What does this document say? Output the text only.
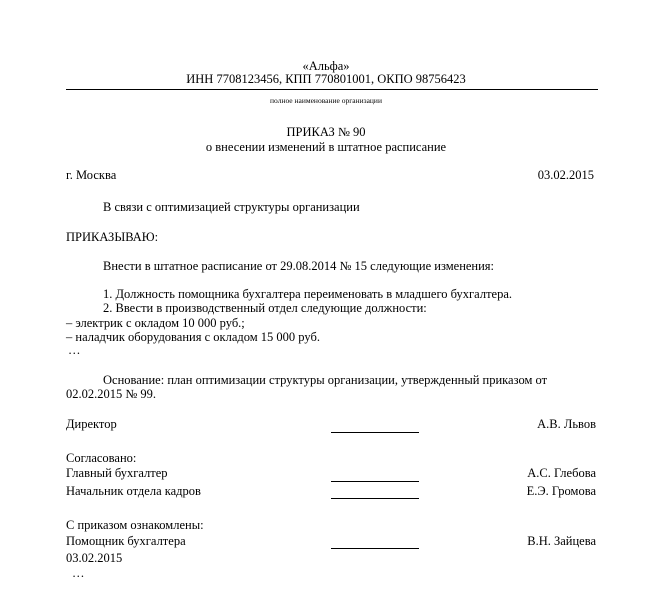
«Альфа»
ИНН 7708123456, КПП 770801001, ОКПО 98756423
полное наименование организации
ПРИКАЗ № 90
о внесении изменений в штатное расписание
г. Москва	03.02.2015
В связи с оптимизацией структуры организации
ПРИКАЗЫВАЮ:
Внести в штатное расписание от 29.08.2014 № 15 следующие изменения:
1. Должность помощника бухгалтера переименовать в младшего бухгалтера.
2. Ввести в производственный отдел следующие должности:
– электрик с окладом 10 000 руб.;
– наладчик оборудования с окладом 15 000 руб.
…
Основание: план оптимизации структуры организации, утвержденный приказом от
02.02.2015 № 99.
Директор	А.В. Львов
Согласовано:
Главный бухгалтер	А.С. Глебова
Начальник отдела кадров	Е.Э. Громова
С приказом ознакомлены:
Помощник бухгалтера	В.Н. Зайцева
03.02.2015
…
